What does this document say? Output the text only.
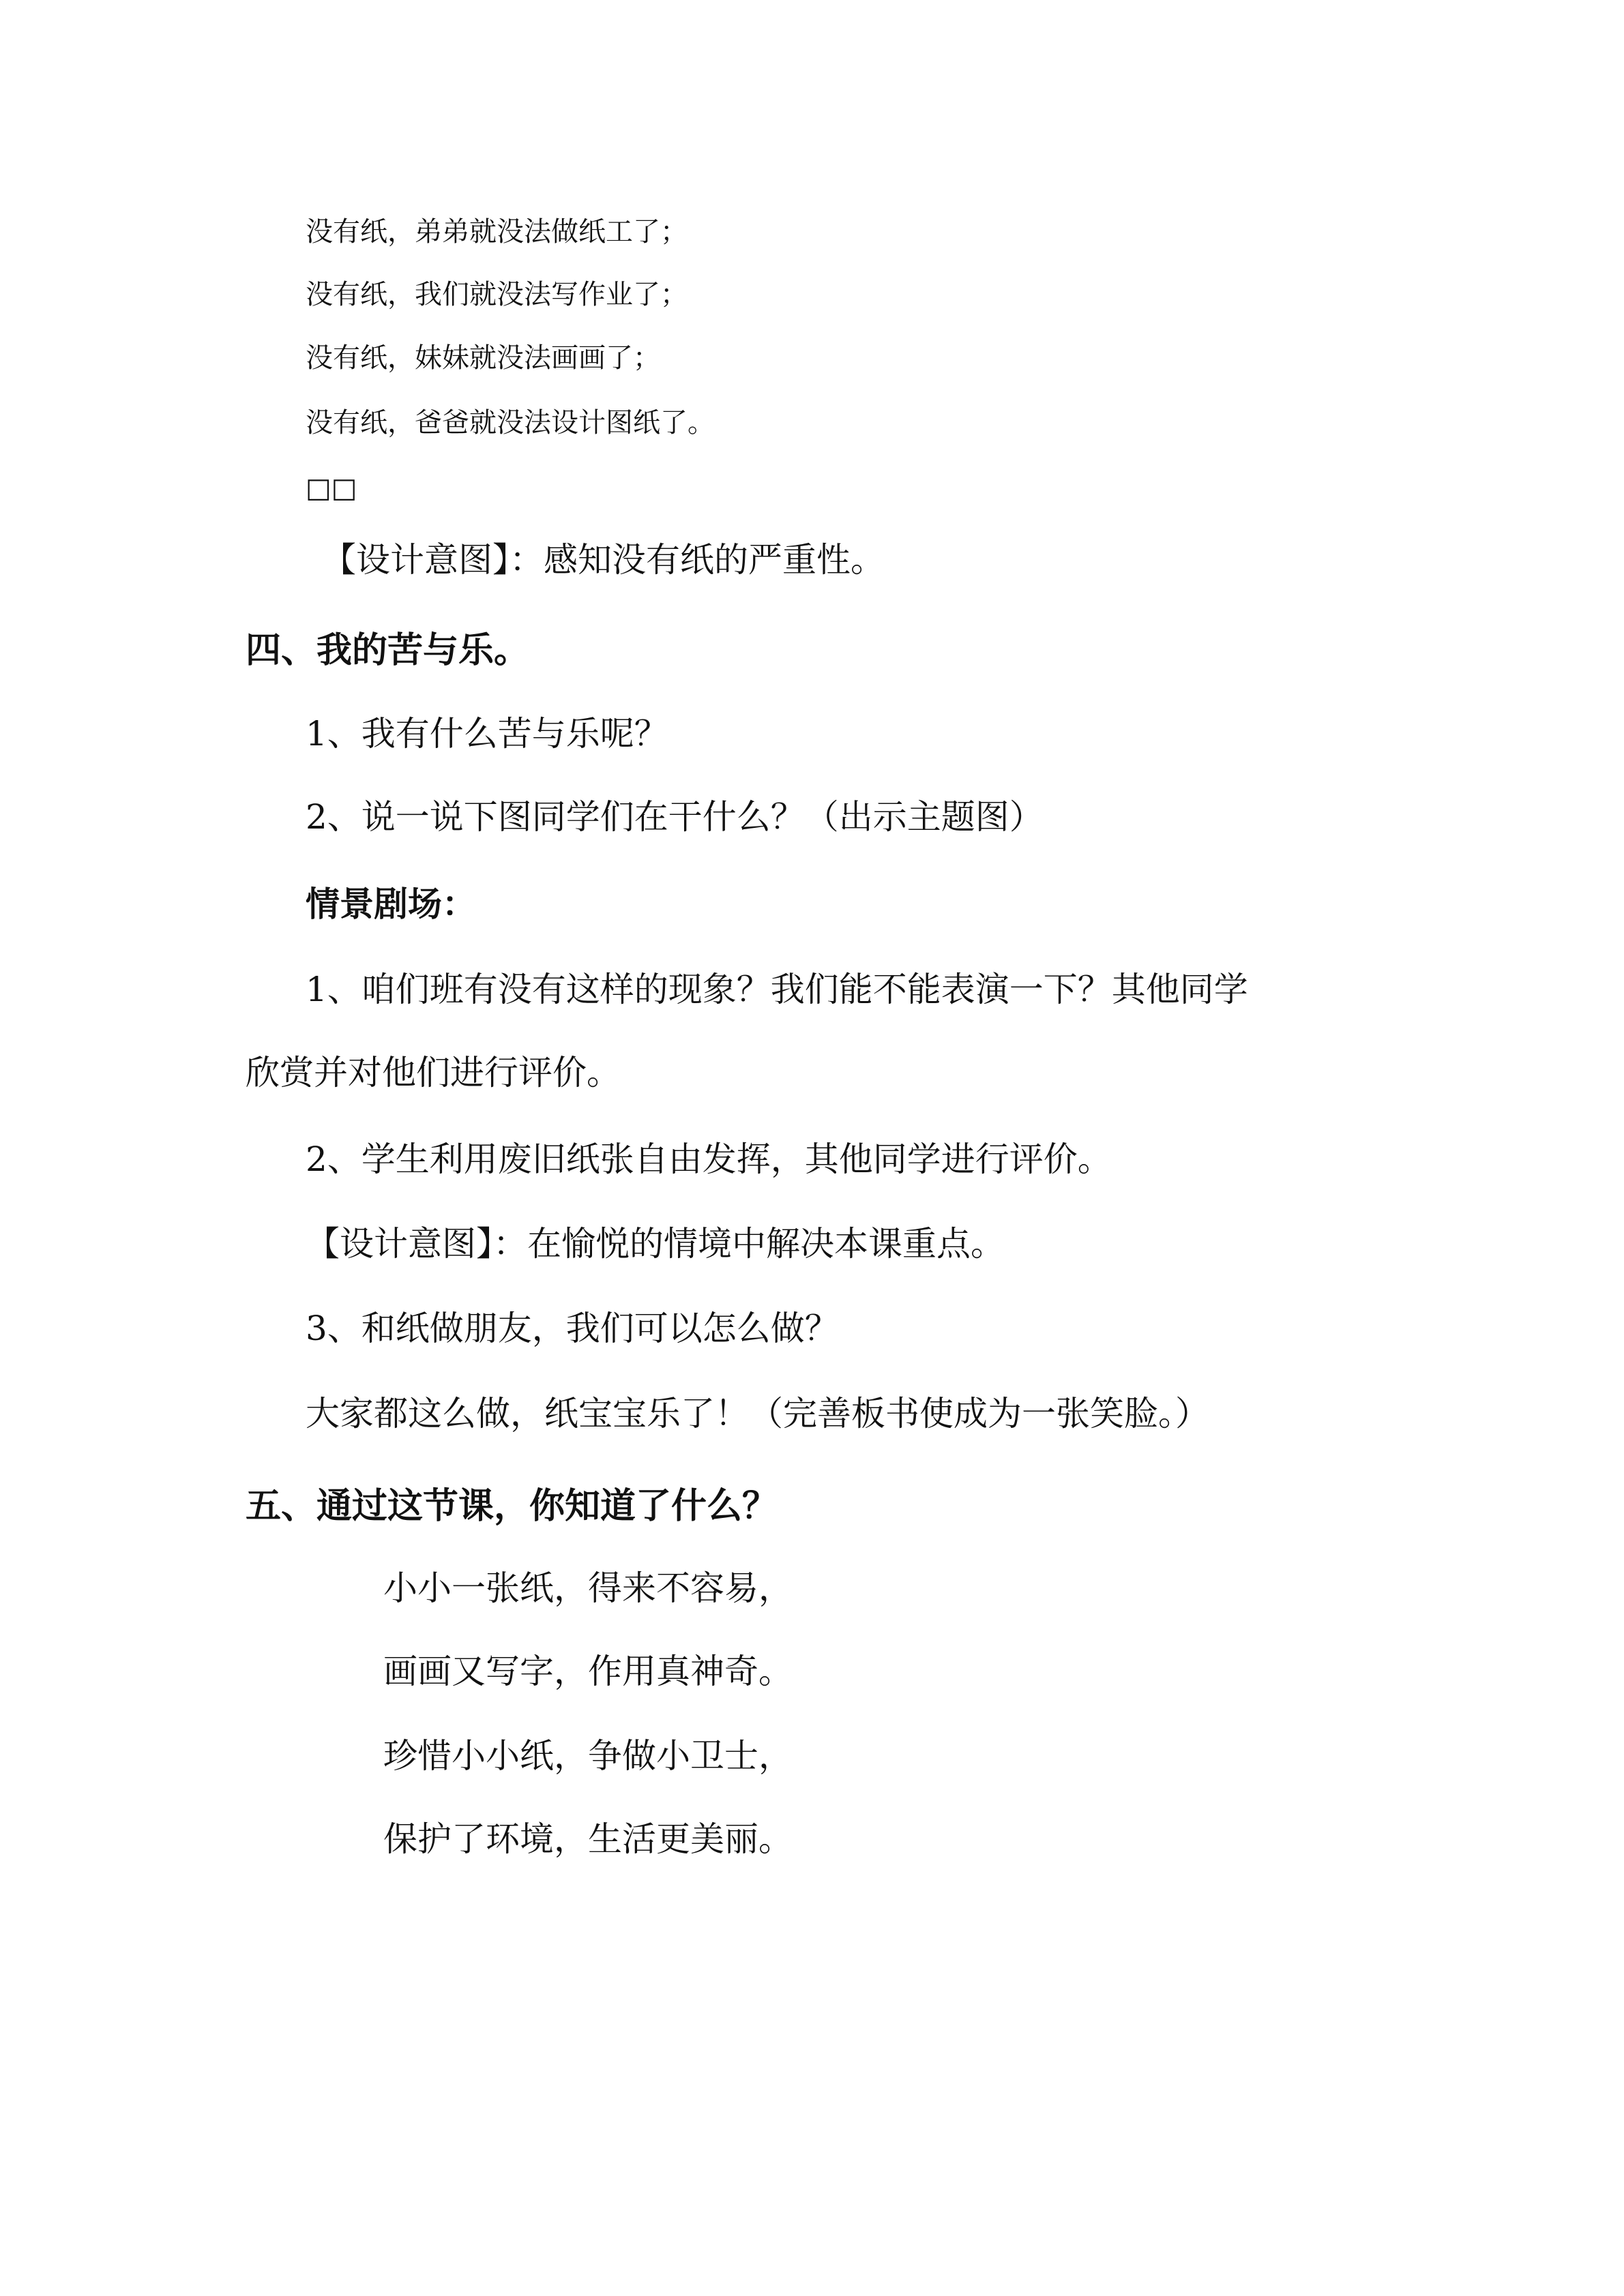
没有纸，弟弟就没法做纸工了；
没有纸，我们就没法写作业了；
没有纸，妹妹就没法画画了；
没有纸，爸爸就没法设计图纸了。
□□
【设计意图】：感知没有纸的严重性。
四、我的苦与乐。
1、我有什么苦与乐呢？
2、说一说下图同学们在干什么？（出示主题图）
情景剧场：
1、咱们班有没有这样的现象？我们能不能表演一下？其他同学
欣赏并对他们进行评价。
2、学生利用废旧纸张自由发挥，其他同学进行评价。
【设计意图】：在愉悦的情境中解决本课重点。
3、和纸做朋友，我们可以怎么做？
大家都这么做，纸宝宝乐了！（完善板书使成为一张笑脸。）
五、通过这节课，你知道了什么？
小小一张纸，得来不容易，
画画又写字，作用真神奇。
珍惜小小纸，争做小卫士，
保护了环境，生活更美丽。
